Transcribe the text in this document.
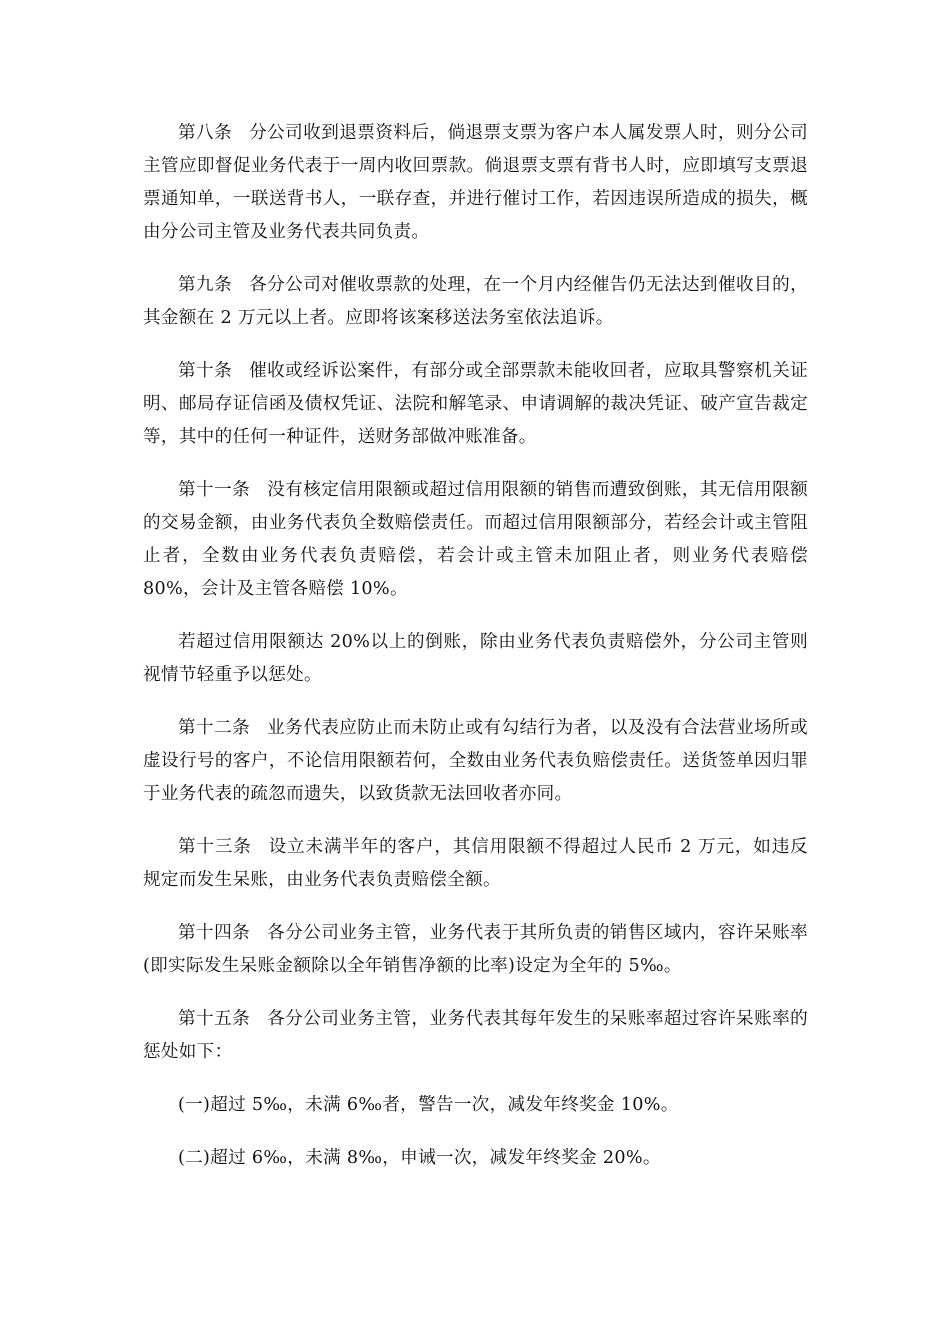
第八条 分公司收到退票资料后，倘退票支票为客户本人属发票人时，则分公司主管应即督促业务代表于一周内收回票款。倘退票支票有背书人时，应即填写支票退票通知单，一联送背书人，一联存查，并进行催讨工作，若因违误所造成的损失，概由分公司主管及业务代表共同负责。

第九条 各分公司对催收票款的处理，在一个月内经催告仍无法达到催收目的，其金额在 2 万元以上者。应即将该案移送法务室依法追诉。

第十条 催收或经诉讼案件，有部分或全部票款未能收回者，应取具警察机关证明、邮局存证信函及债权凭证、法院和解笔录、申请调解的裁决凭证、破产宣告裁定等，其中的任何一种证件，送财务部做冲账准备。

第十一条 没有核定信用限额或超过信用限额的销售而遭致倒账，其无信用限额的交易金额，由业务代表负全数赔偿责任。而超过信用限额部分，若经会计或主管阻止者，全数由业务代表负责赔偿，若会计或主管未加阻止者，则业务代表赔偿 80%，会计及主管各赔偿 10%。

若超过信用限额达 20%以上的倒账，除由业务代表负责赔偿外，分公司主管则视情节轻重予以惩处。

第十二条 业务代表应防止而未防止或有勾结行为者，以及没有合法营业场所或虚设行号的客户，不论信用限额若何，全数由业务代表负赔偿责任。送货签单因归罪于业务代表的疏忽而遗失，以致货款无法回收者亦同。

第十三条 设立未满半年的客户，其信用限额不得超过人民币 2 万元，如违反规定而发生呆账，由业务代表负责赔偿全额。

第十四条 各分公司业务主管，业务代表于其所负责的销售区域内，容许呆账率(即实际发生呆账金额除以全年销售净额的比率)设定为全年的 5‰。

第十五条 各分公司业务主管，业务代表其每年发生的呆账率超过容许呆账率的惩处如下：

(一)超过 5‰，未满 6‰者，警告一次，减发年终奖金 10%。

(二)超过 6‰，未满 8‰，申诫一次，减发年终奖金 20%。
